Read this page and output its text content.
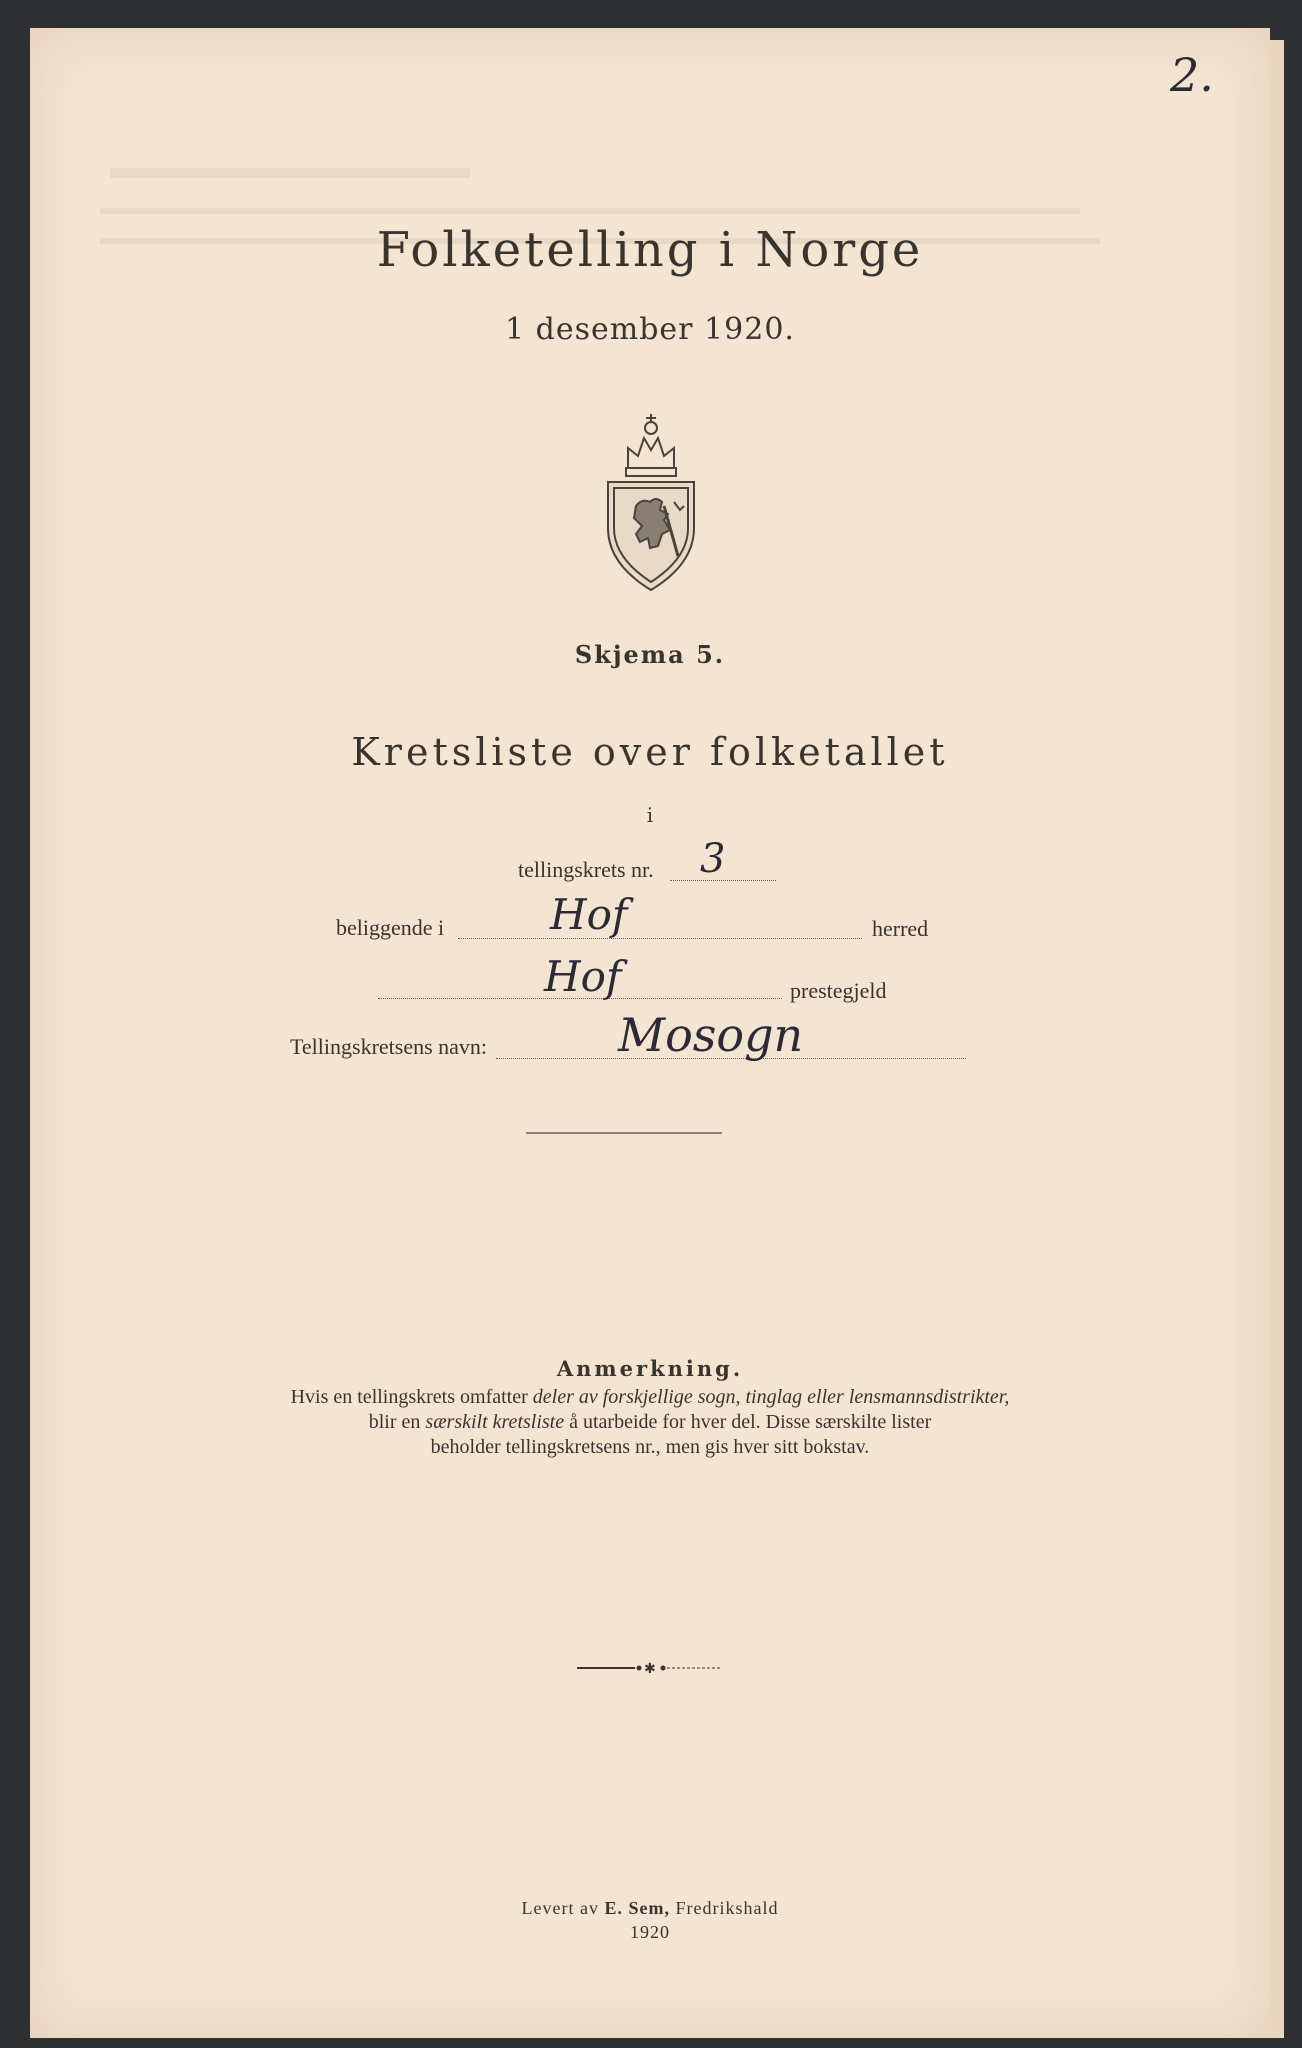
2.
Folketelling i Norge
1 desember 1920.
Skjema 5.
Kretsliste over folketallet
i
tellingskrets nr. 3
beliggende i	Hof	herred
Hof	prestegjeld
Tellingskretsens navn:	Mosogn
Anmerkning.
Hvis en tellingskrets omfatter deler av forskjellige sogn, tinglag eller lensmannsdistrikter,
blir en særskilt kretsliste å utarbeide for hver del. Disse særskilte lister
beholder tellingskretsens nr., men gis hver sitt bokstav.
✱
Levert av E. Sem, Fredrikshald
1920
